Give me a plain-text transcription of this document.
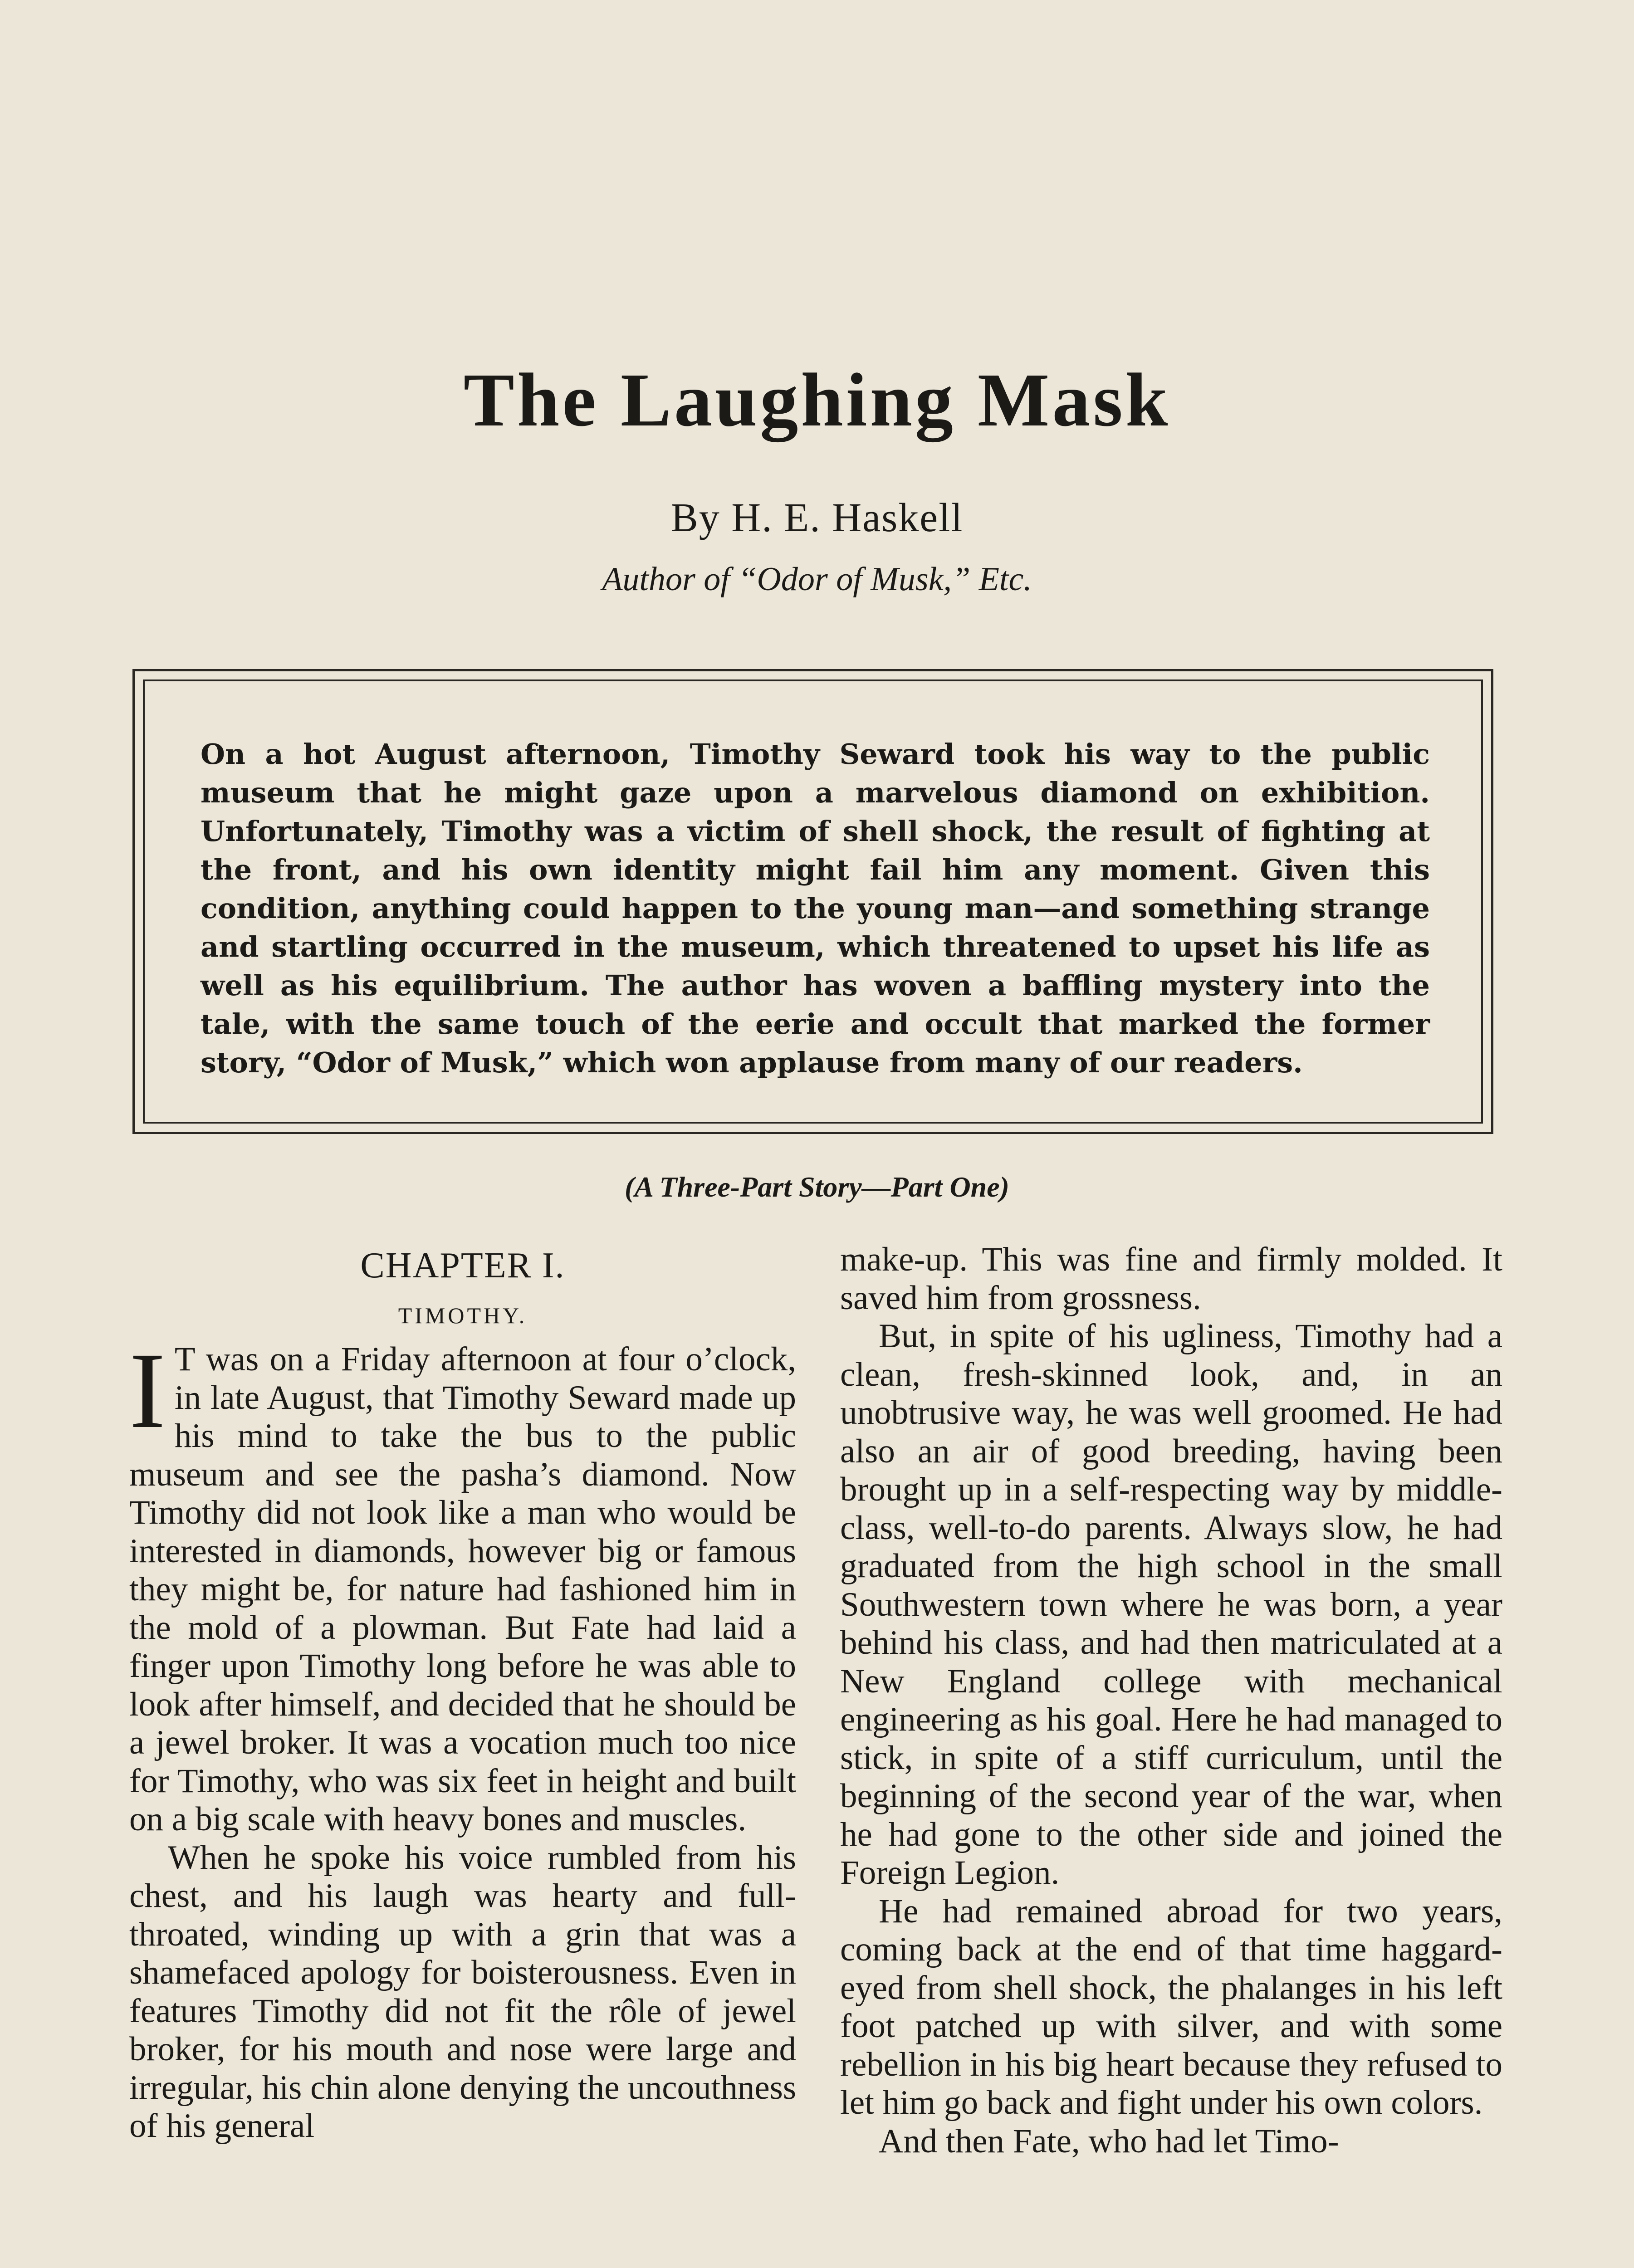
The Laughing Mask

By H. E. Haskell

Author of “Odor of Musk,” Etc.

On a hot August afternoon, Timothy Seward took his way to the public museum that he might gaze upon a marvelous diamond on exhibition. Unfortunately, Timothy was a victim of shell shock, the result of fighting at the front, and his own identity might fail him any moment. Given this condition, anything could happen to the young man—and something strange and startling occurred in the museum, which threatened to upset his life as well as his equilibrium. The author has woven a baffling mystery into the tale, with the same touch of the eerie and occult that marked the former story, “Odor of Musk,” which won applause from many of our readers.

(A Three-Part Story—Part One)

CHAPTER I.

TIMOTHY.

I T was on a Friday afternoon at four o’clock, in late August, that Timothy Seward made up his mind to take the bus to the public museum and see the pasha’s diamond. Now Timothy did not look like a man who would be interested in diamonds, however big or famous they might be, for nature had fashioned him in the mold of a plowman. But Fate had laid a finger upon Timothy long before he was able to look after himself, and decided that he should be a jewel broker. It was a vocation much too nice for Timothy, who was six feet in height and built on a big scale with heavy bones and muscles.

When he spoke his voice rumbled from his chest, and his laugh was hearty and full-throated, winding up with a grin that was a shamefaced apology for boisterousness. Even in features Timothy did not fit the rôle of jewel broker, for his mouth and nose were large and irregular, his chin alone denying the uncouthness of his general

make-up. This was fine and firmly molded. It saved him from grossness.

But, in spite of his ugliness, Timothy had a clean, fresh-skinned look, and, in an unobtrusive way, he was well groomed. He had also an air of good breeding, having been brought up in a self-respecting way by middle-class, well-to-do parents. Always slow, he had graduated from the high school in the small Southwestern town where he was born, a year behind his class, and had then matriculated at a New England college with mechanical engineering as his goal. Here he had managed to stick, in spite of a stiff curriculum, until the beginning of the second year of the war, when he had gone to the other side and joined the Foreign Legion.

He had remained abroad for two years, coming back at the end of that time haggard-eyed from shell shock, the phalanges in his left foot patched up with silver, and with some rebellion in his big heart because they refused to let him go back and fight under his own colors.

And then Fate, who had let Timo-
